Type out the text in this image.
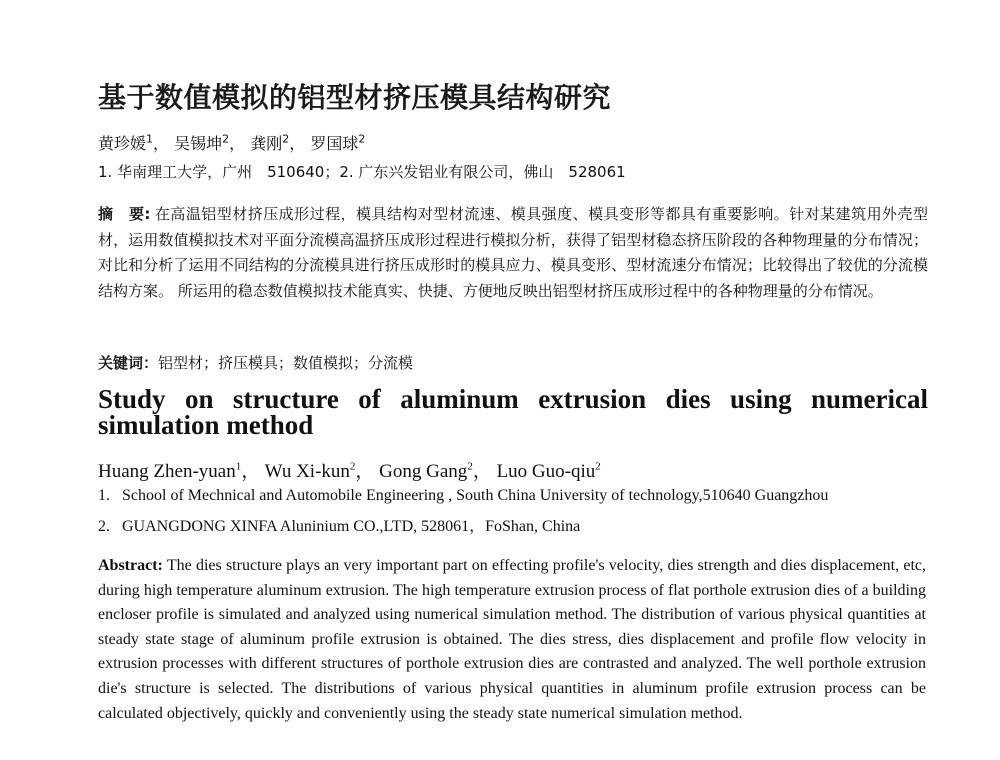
基于数值模拟的铝型材挤压模具结构研究
黄珍媛$^1$， 吴锡坤$^2$， 龚刚$^2$， 罗国球$^2$
1. 华南理工大学，广州　510640；2. 广东兴发铝业有限公司，佛山　528061
摘　要: 在高温铝型材挤压成形过程，模具结构对型材流速、模具强度、模具变形等都具有重要影响。针对某建筑用外壳型材，运用数值模拟技术对平面分流模高温挤压成形过程进行模拟分析，获得了铝型材稳态挤压阶段的各种物理量的分布情况；对比和分析了运用不同结构的分流模具进行挤压成形时的模具应力、模具变形、型材流速分布情况；比较得出了较优的分流模结构方案。 所运用的稳态数值模拟技术能真实、快捷、方便地反映出铝型材挤压成形过程中的各种物理量的分布情况。
关键词：铝型材；挤压模具；数值模拟；分流模
Study on structure of aluminum extrusion dies using numerical simulation method
Huang Zhen-yuan$^1$， Wu Xi-kun$^2$， Gong Gang$^2$， Luo Guo-qiu$^2$
1. School of Mechnical and Automobile Engineering , South China University of technology,510640 Guangzhou
2. GUANGDONG XINFA Aluninium CO.,LTD, 528061，FoShan, China
Abstract: The dies structure plays an very important part on effecting profile's velocity, dies strength and dies displacement, etc, during high temperature aluminum extrusion. The high temperature extrusion process of flat porthole extrusion dies of a building encloser profile is simulated and analyzed using numerical simulation method. The distribution of various physical quantities at steady state stage of aluminum profile extrusion is obtained. The dies stress, dies displacement and profile flow velocity in extrusion processes with different structures of porthole extrusion dies are contrasted and analyzed. The well porthole extrusion die's structure is selected. The distributions of various physical quantities in aluminum profile extrusion process can be calculated objectively, quickly and conveniently using the steady state numerical simulation method.
